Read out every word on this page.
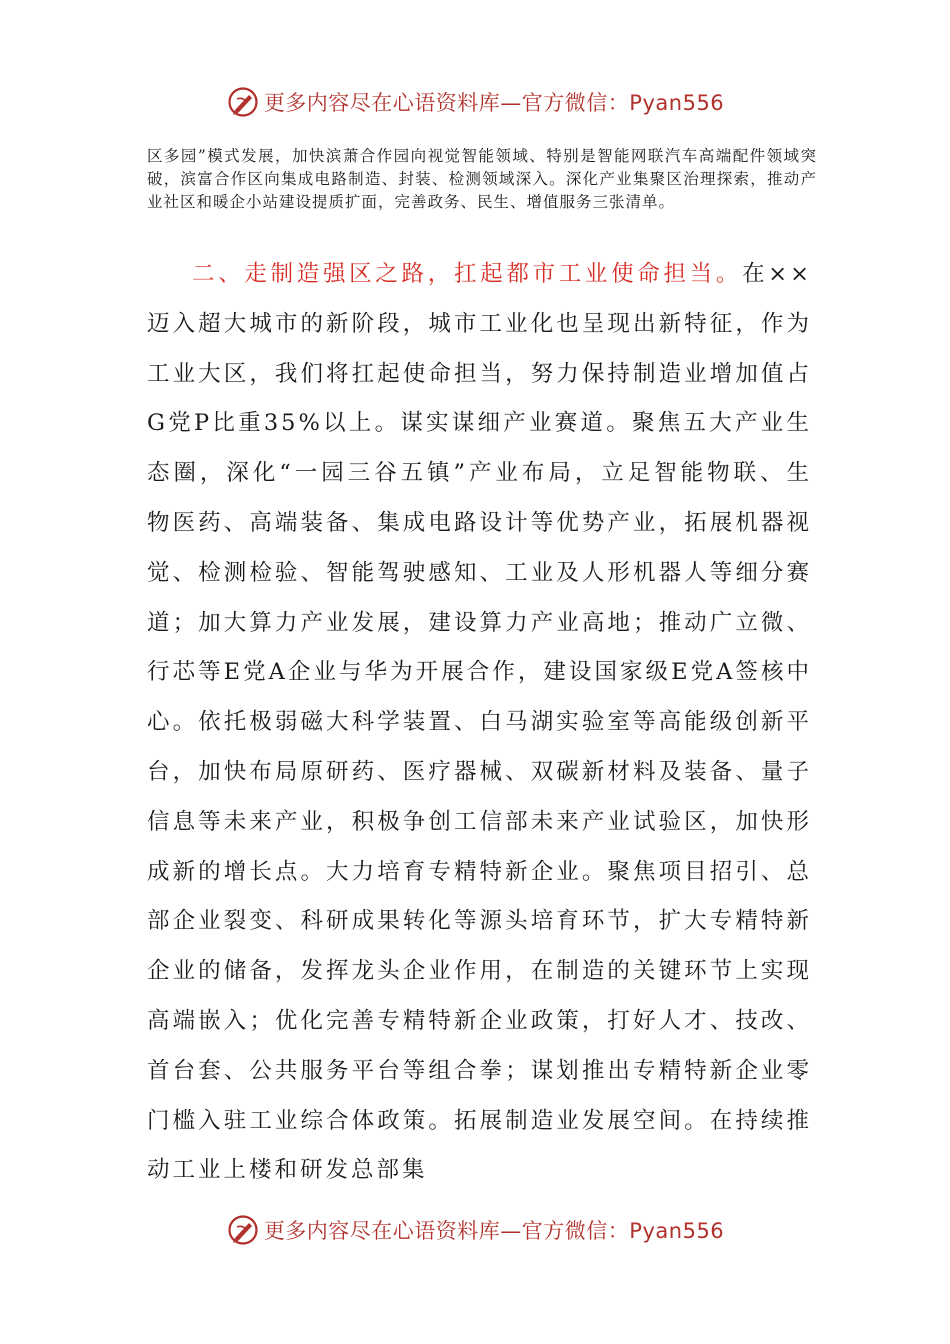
更多内容尽在心语资料库—官方微信：Pyan556

区多园”模式发展，加快滨萧合作园向视觉智能领域、特别是智能网联汽车高端配件领域突破，滨富合作区向集成电路制造、封装、检测领域深入。深化产业集聚区治理探索，推动产业社区和暖企小站建设提质扩面，完善政务、民生、增值服务三张清单。

二、走制造强区之路，扛起都市工业使命担当。在××迈入超大城市的新阶段，城市工业化也呈现出新特征，作为工业大区，我们将扛起使命担当，努力保持制造业增加值占G党P比重35%以上。谋实谋细产业赛道。聚焦五大产业生态圈，深化“一园三谷五镇”产业布局，立足智能物联、生物医药、高端装备、集成电路设计等优势产业，拓展机器视觉、检测检验、智能驾驶感知、工业及人形机器人等细分赛道；加大算力产业发展，建设算力产业高地；推动广立微、行芯等E党A企业与华为开展合作，建设国家级E党A签核中心。依托极弱磁大科学装置、白马湖实验室等高能级创新平台，加快布局原研药、医疗器械、双碳新材料及装备、量子信息等未来产业，积极争创工信部未来产业试验区，加快形成新的增长点。大力培育专精特新企业。聚焦项目招引、总部企业裂变、科研成果转化等源头培育环节，扩大专精特新企业的储备，发挥龙头企业作用，在制造的关键环节上实现高端嵌入；优化完善专精特新企业政策，打好人才、技改、首台套、公共服务平台等组合拳；谋划推出专精特新企业零门槛入驻工业综合体政策。拓展制造业发展空间。在持续推动工业上楼和研发总部集

更多内容尽在心语资料库—官方微信：Pyan556
